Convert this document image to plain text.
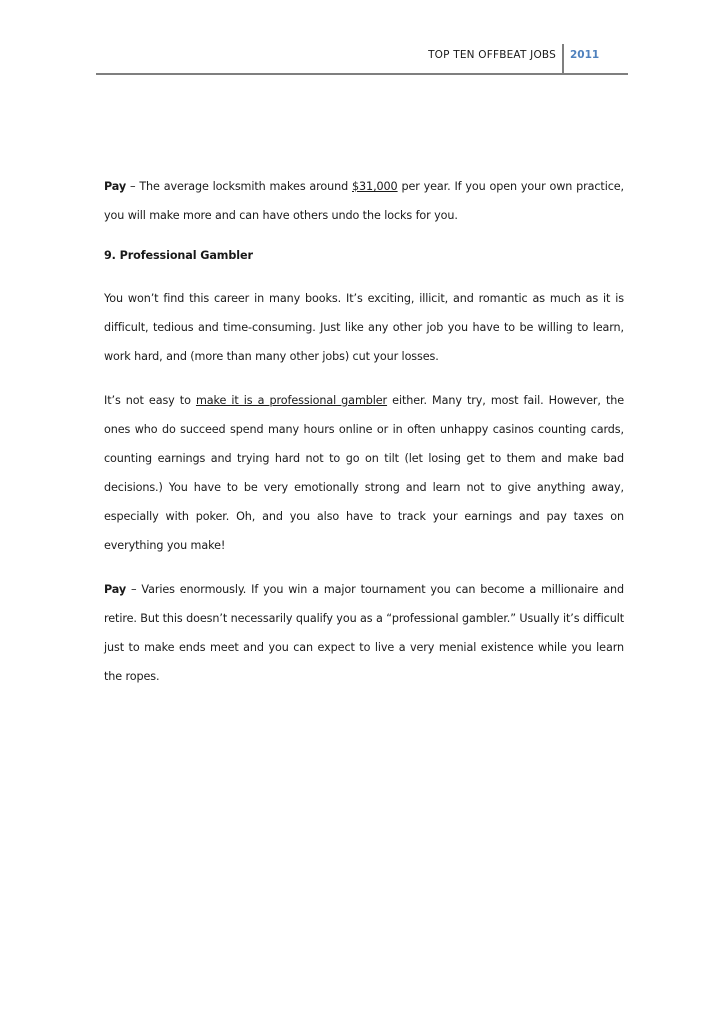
TOP TEN OFFBEAT JOBS 2011

Pay – The average locksmith makes around $31,000 per year. If you open your own practice, you will make more and can have others undo the locks for you.

9. Professional Gambler

You won’t find this career in many books. It’s exciting, illicit, and romantic as much as it is difficult, tedious and time-consuming. Just like any other job you have to be willing to learn, work hard, and (more than many other jobs) cut your losses.

It’s not easy to make it is a professional gambler either. Many try, most fail. However, the ones who do succeed spend many hours online or in often unhappy casinos counting cards, counting earnings and trying hard not to go on tilt (let losing get to them and make bad decisions.) You have to be very emotionally strong and learn not to give anything away, especially with poker. Oh, and you also have to track your earnings and pay taxes on everything you make!

Pay – Varies enormously. If you win a major tournament you can become a millionaire and retire. But this doesn’t necessarily qualify you as a “professional gambler.” Usually it’s difficult just to make ends meet and you can expect to live a very menial existence while you learn the ropes.
